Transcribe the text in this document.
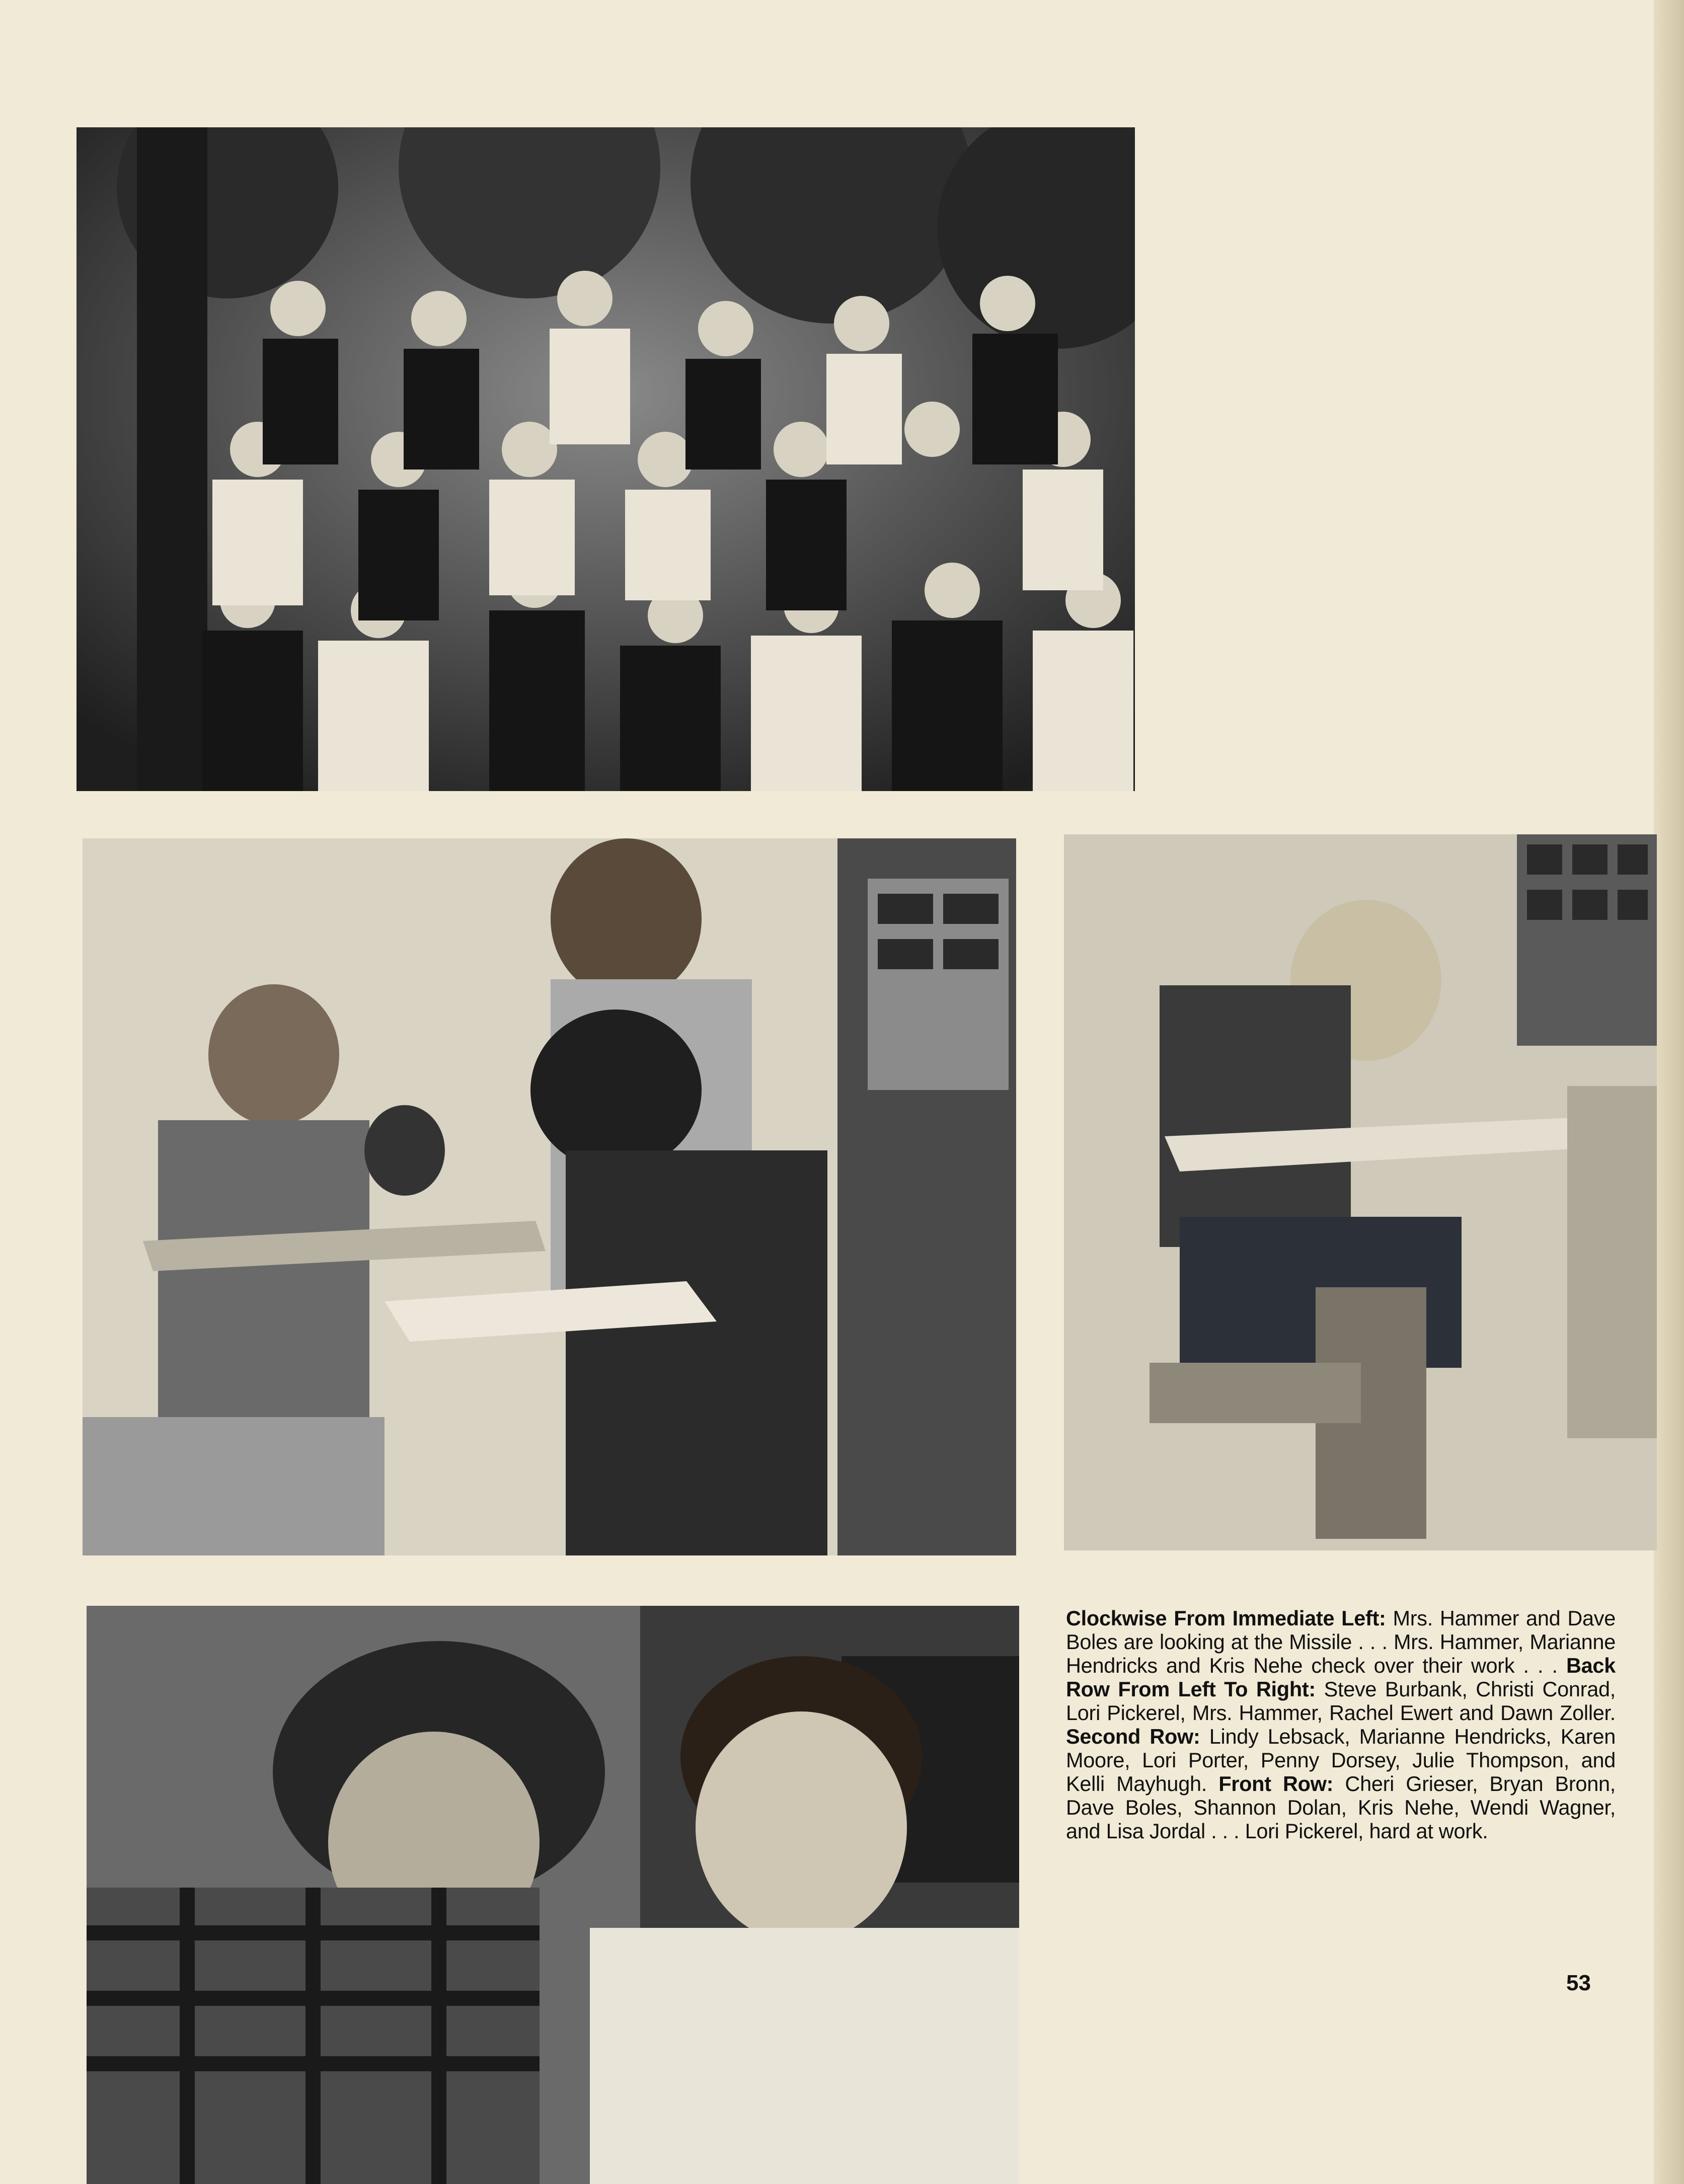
Clockwise From Immediate Left: Mrs. Hammer and Dave Boles are looking at the Missile . . . Mrs. Hammer, Marianne Hendricks and Kris Nehe check over their work . . .

Back Row From Left To Right: Steve Burbank, Christi Conrad, Lori Pickerel, Mrs. Hammer, Rachel Ewert and Dawn Zoller.

Second Row: Lindy Lebsack, Marianne Hendricks, Karen Moore, Lori Porter, Penny Dorsey, Julie Thompson, and Kelli Mayhugh.

Front Row: Cheri Grieser, Bryan Bronn, Dave Boles, Shannon Dolan, Kris Nehe, Wendi Wagner, and Lisa Jordal . . . Lori Pickerel, hard at work.

53
